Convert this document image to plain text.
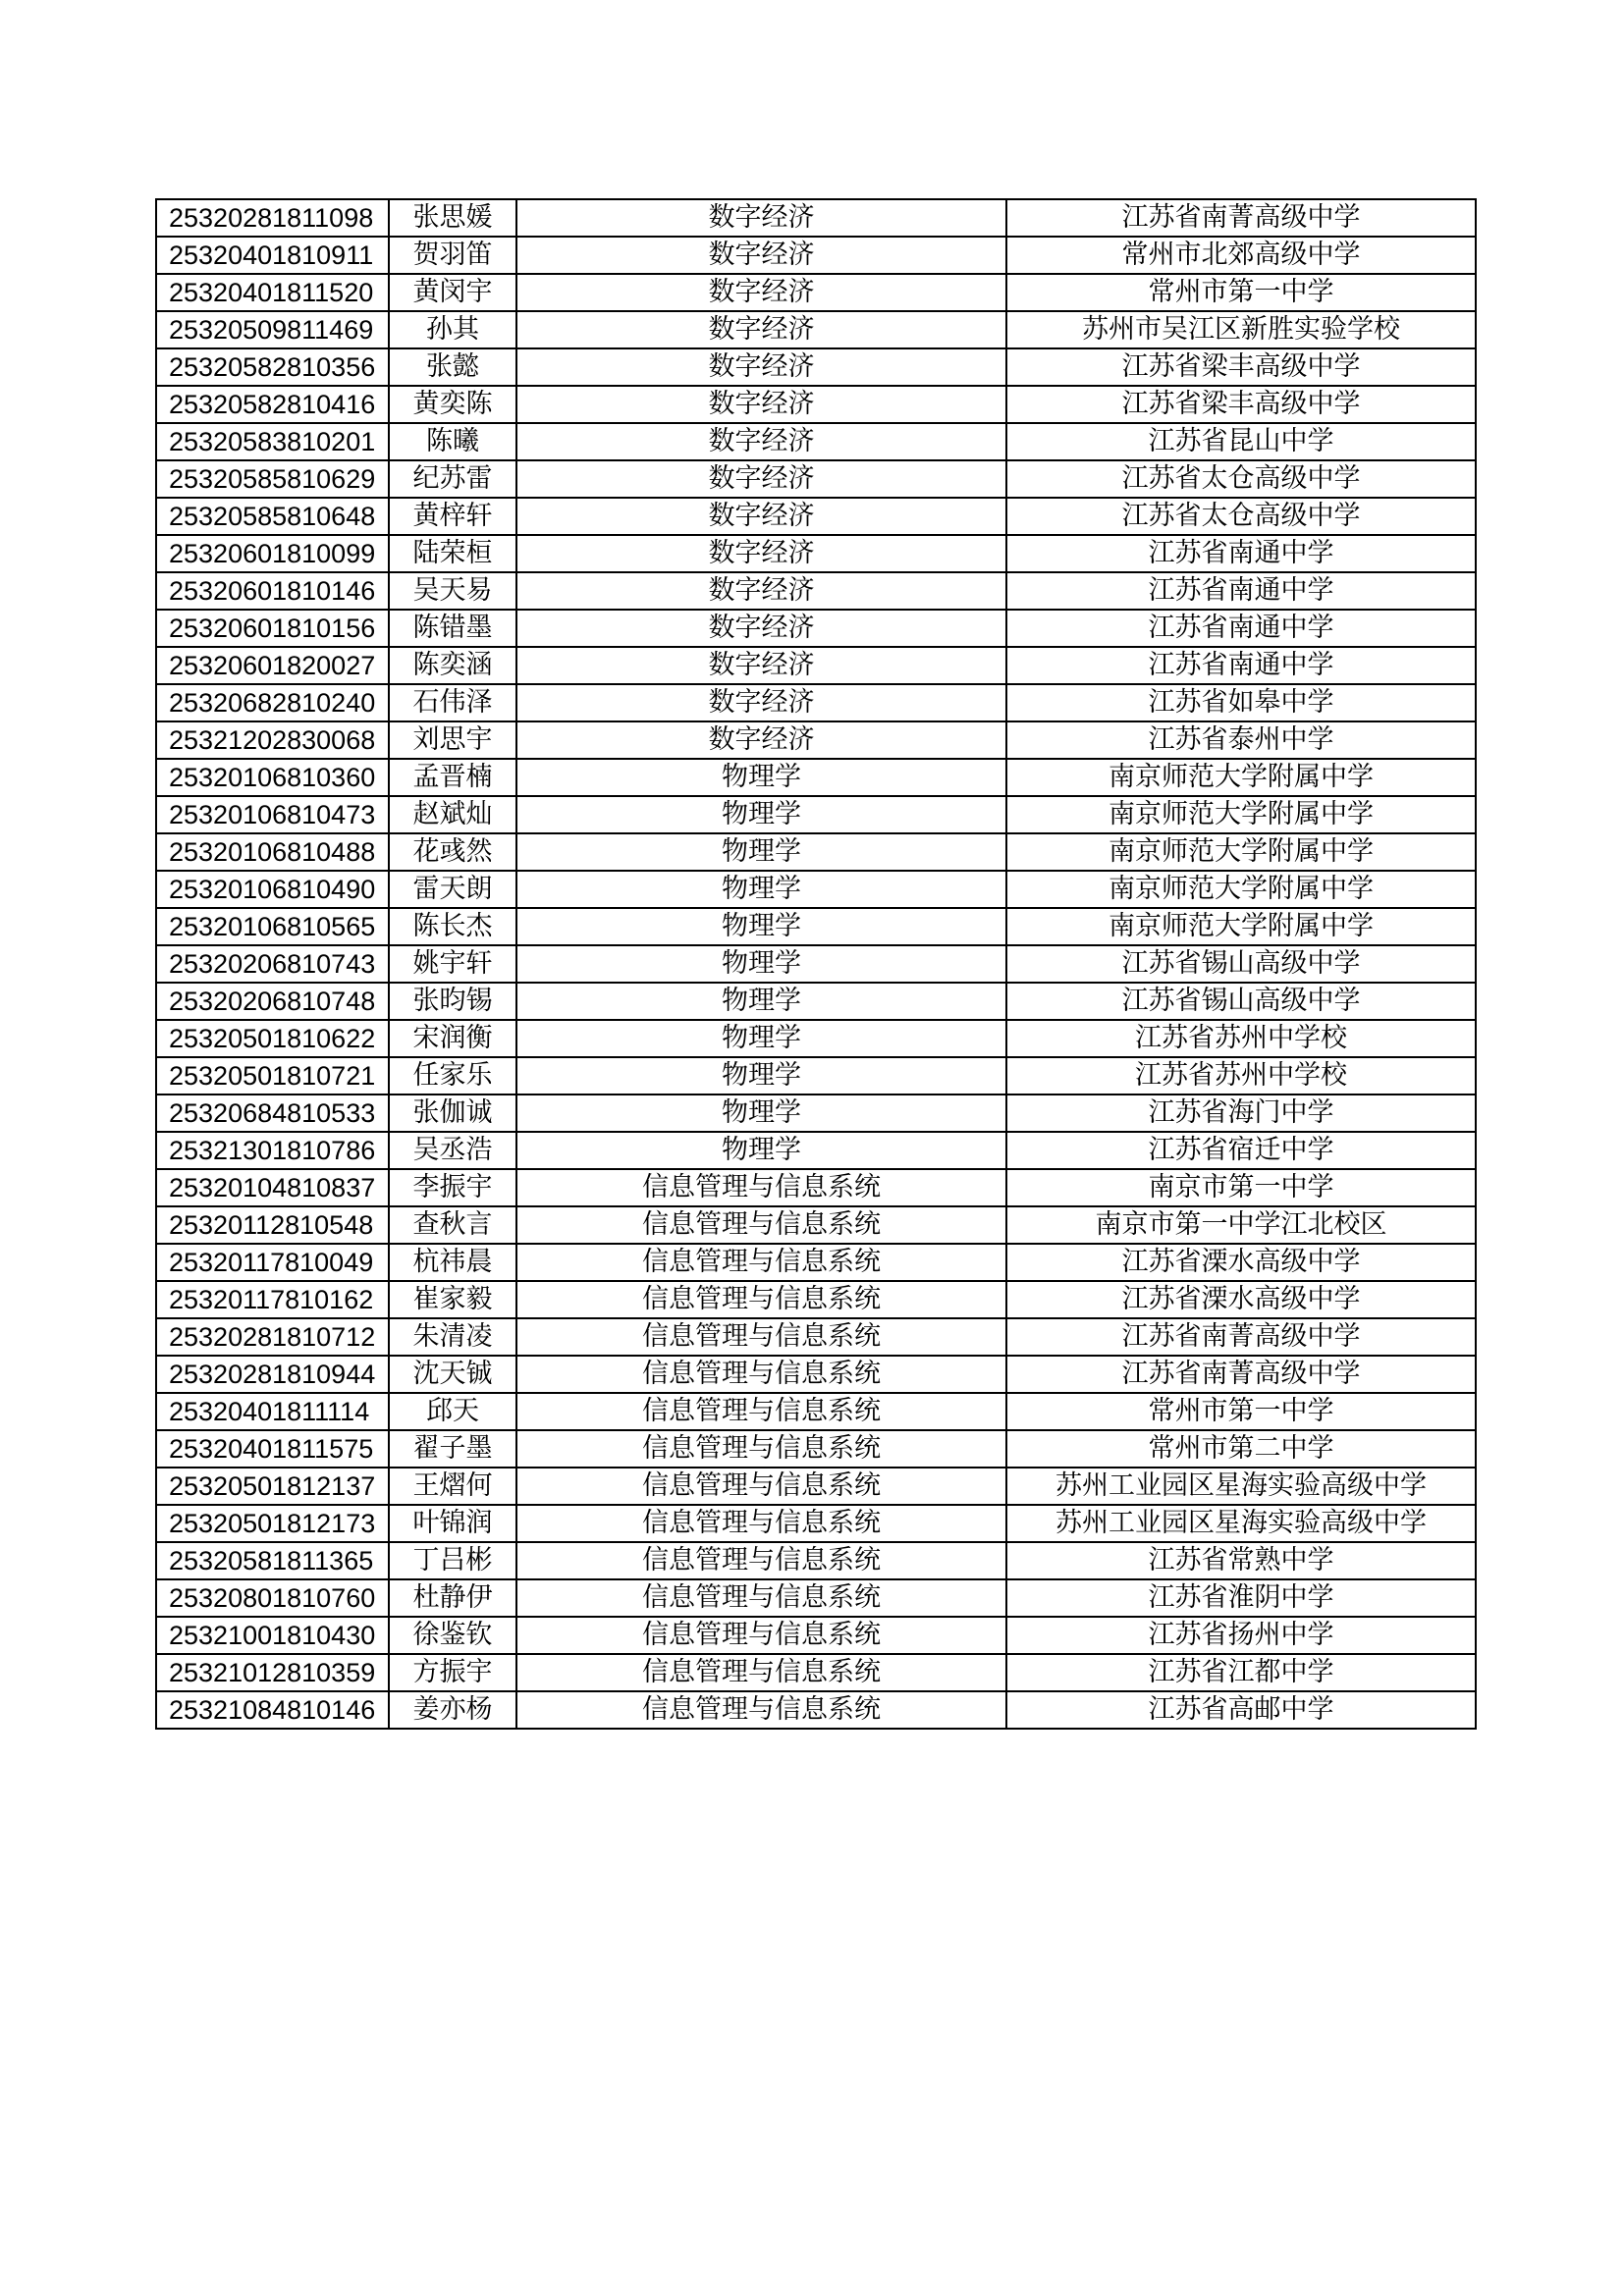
25320281811098	张思媛	数字经济	江苏省南菁高级中学
25320401810911	贺羽笛	数字经济	常州市北郊高级中学
25320401811520	黄闵宇	数字经济	常州市第一中学
25320509811469	孙其	数字经济	苏州市吴江区新胜实验学校
25320582810356	张懿	数字经济	江苏省梁丰高级中学
25320582810416	黄奕陈	数字经济	江苏省梁丰高级中学
25320583810201	陈曦	数字经济	江苏省昆山中学
25320585810629	纪苏雷	数字经济	江苏省太仓高级中学
25320585810648	黄梓轩	数字经济	江苏省太仓高级中学
25320601810099	陆荣桓	数字经济	江苏省南通中学
25320601810146	吴天易	数字经济	江苏省南通中学
25320601810156	陈错墨	数字经济	江苏省南通中学
25320601820027	陈奕涵	数字经济	江苏省南通中学
25320682810240	石伟泽	数字经济	江苏省如皋中学
25321202830068	刘思宇	数字经济	江苏省泰州中学
25320106810360	孟晋楠	物理学	南京师范大学附属中学
25320106810473	赵斌灿	物理学	南京师范大学附属中学
25320106810488	花彧然	物理学	南京师范大学附属中学
25320106810490	雷天朗	物理学	南京师范大学附属中学
25320106810565	陈长杰	物理学	南京师范大学附属中学
25320206810743	姚宇轩	物理学	江苏省锡山高级中学
25320206810748	张昀锡	物理学	江苏省锡山高级中学
25320501810622	宋润衡	物理学	江苏省苏州中学校
25320501810721	任家乐	物理学	江苏省苏州中学校
25320684810533	张伽诚	物理学	江苏省海门中学
25321301810786	吴丞浩	物理学	江苏省宿迁中学
25320104810837	李振宇	信息管理与信息系统	南京市第一中学
25320112810548	查秋言	信息管理与信息系统	南京市第一中学江北校区
25320117810049	杭祎晨	信息管理与信息系统	江苏省溧水高级中学
25320117810162	崔家毅	信息管理与信息系统	江苏省溧水高级中学
25320281810712	朱清凌	信息管理与信息系统	江苏省南菁高级中学
25320281810944	沈天铖	信息管理与信息系统	江苏省南菁高级中学
25320401811114	邱天	信息管理与信息系统	常州市第一中学
25320401811575	翟子墨	信息管理与信息系统	常州市第二中学
25320501812137	王熠何	信息管理与信息系统	苏州工业园区星海实验高级中学
25320501812173	叶锦润	信息管理与信息系统	苏州工业园区星海实验高级中学
25320581811365	丁吕彬	信息管理与信息系统	江苏省常熟中学
25320801810760	杜静伊	信息管理与信息系统	江苏省淮阴中学
25321001810430	徐鉴钦	信息管理与信息系统	江苏省扬州中学
25321012810359	方振宇	信息管理与信息系统	江苏省江都中学
25321084810146	姜亦杨	信息管理与信息系统	江苏省高邮中学
